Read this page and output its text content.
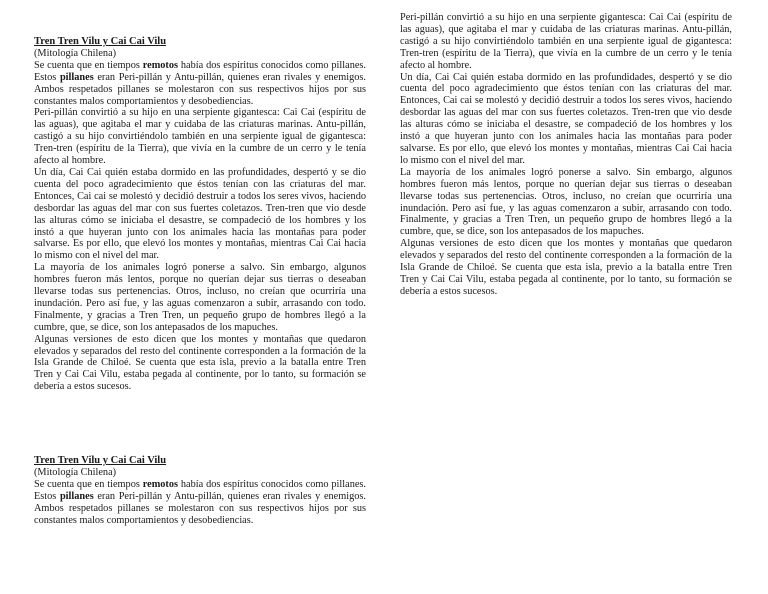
Tren Tren Vilu y Cai Cai Vilu

(Mitología Chilena)

Se cuenta que en tiempos remotos había dos espíritus conocidos como pillanes. Estos pillanes eran Peri-pillán y Antu-pillán, quienes eran rivales y enemigos. Ambos respetados pillanes se molestaron con sus respectivos hijos por sus constantes malos comportamientos y desobediencias.

Peri-pillán convirtió a su hijo en una serpiente gigantesca: Cai Cai (espíritu de las aguas), que agitaba el mar y cuidaba de las criaturas marinas. Antu-pillán, castigó a su hijo convirtiéndolo también en una serpiente igual de gigantesca: Tren-tren (espíritu de la Tierra), que vivía en la cumbre de un cerro y le tenía afecto al hombre.

Un día, Cai Cai quién estaba dormido en las profundidades, despertó y se dio cuenta del poco agradecimiento que éstos tenían con las criaturas del mar. Entonces, Cai cai se molestó y decidió destruir a todos los seres vivos, haciendo desbordar las aguas del mar con sus fuertes coletazos. Tren-tren que vio desde las alturas cómo se iniciaba el desastre, se compadeció de los hombres y los instó a que huyeran junto con los animales hacia las montañas para poder salvarse. Es por ello, que elevó los montes y montañas, mientras Cai Cai hacia lo mismo con el nivel del mar.

La mayoría de los animales logró ponerse a salvo. Sin embargo, algunos hombres fueron más lentos, porque no querían dejar sus tierras o deseaban llevarse todas sus pertenencias. Otros, incluso, no creían que ocurriría una inundación. Pero así fue, y las aguas comenzaron a subir, arrasando con todo. Finalmente, y gracias a Tren Tren, un pequeño grupo de hombres llegó a la cumbre, que, se dice, son los antepasados de los mapuches.

Algunas versiones de esto dicen que los montes y montañas que quedaron elevados y separados del resto del continente corresponden a la formación de la Isla Grande de Chiloé. Se cuenta que esta isla, previo a la batalla entre Tren Tren y Cai Cai Vilu, estaba pegada al continente, por lo tanto, su formación se debería a estos sucesos.

Peri-pillán convirtió a su hijo en una serpiente gigantesca: Cai Cai (espíritu de las aguas), que agitaba el mar y cuidaba de las criaturas marinas. Antu-pillán, castigó a su hijo convirtiéndolo también en una serpiente igual de gigantesca: Tren-tren (espíritu de la Tierra), que vivía en la cumbre de un cerro y le tenía afecto al hombre.

Un día, Cai Cai quién estaba dormido en las profundidades, despertó y se dio cuenta del poco agradecimiento que éstos tenían con las criaturas del mar. Entonces, Cai cai se molestó y decidió destruir a todos los seres vivos, haciendo desbordar las aguas del mar con sus fuertes coletazos. Tren-tren que vio desde las alturas cómo se iniciaba el desastre, se compadeció de los hombres y los instó a que huyeran junto con los animales hacia las montañas para poder salvarse. Es por ello, que elevó los montes y montañas, mientras Cai Cai hacia lo mismo con el nivel del mar.

La mayoría de los animales logró ponerse a salvo. Sin embargo, algunos hombres fueron más lentos, porque no querían dejar sus tierras o deseaban llevarse todas sus pertenencias. Otros, incluso, no creían que ocurriría una inundación. Pero así fue, y las aguas comenzaron a subir, arrasando con todo. Finalmente, y gracias a Tren Tren, un pequeño grupo de hombres llegó a la cumbre, que, se dice, son los antepasados de los mapuches.

Algunas versiones de esto dicen que los montes y montañas que quedaron elevados y separados del resto del continente corresponden a la formación de la Isla Grande de Chiloé. Se cuenta que esta isla, previo a la batalla entre Tren Tren y Cai Cai Vilu, estaba pegada al continente, por lo tanto, su formación se debería a estos sucesos.

Tren Tren Vilu y Cai Cai Vilu

(Mitología Chilena)

Se cuenta que en tiempos remotos había dos espíritus conocidos como pillanes. Estos pillanes eran Peri-pillán y Antu-pillán, quienes eran rivales y enemigos. Ambos respetados pillanes se molestaron con sus respectivos hijos por sus constantes malos comportamientos y desobediencias.
